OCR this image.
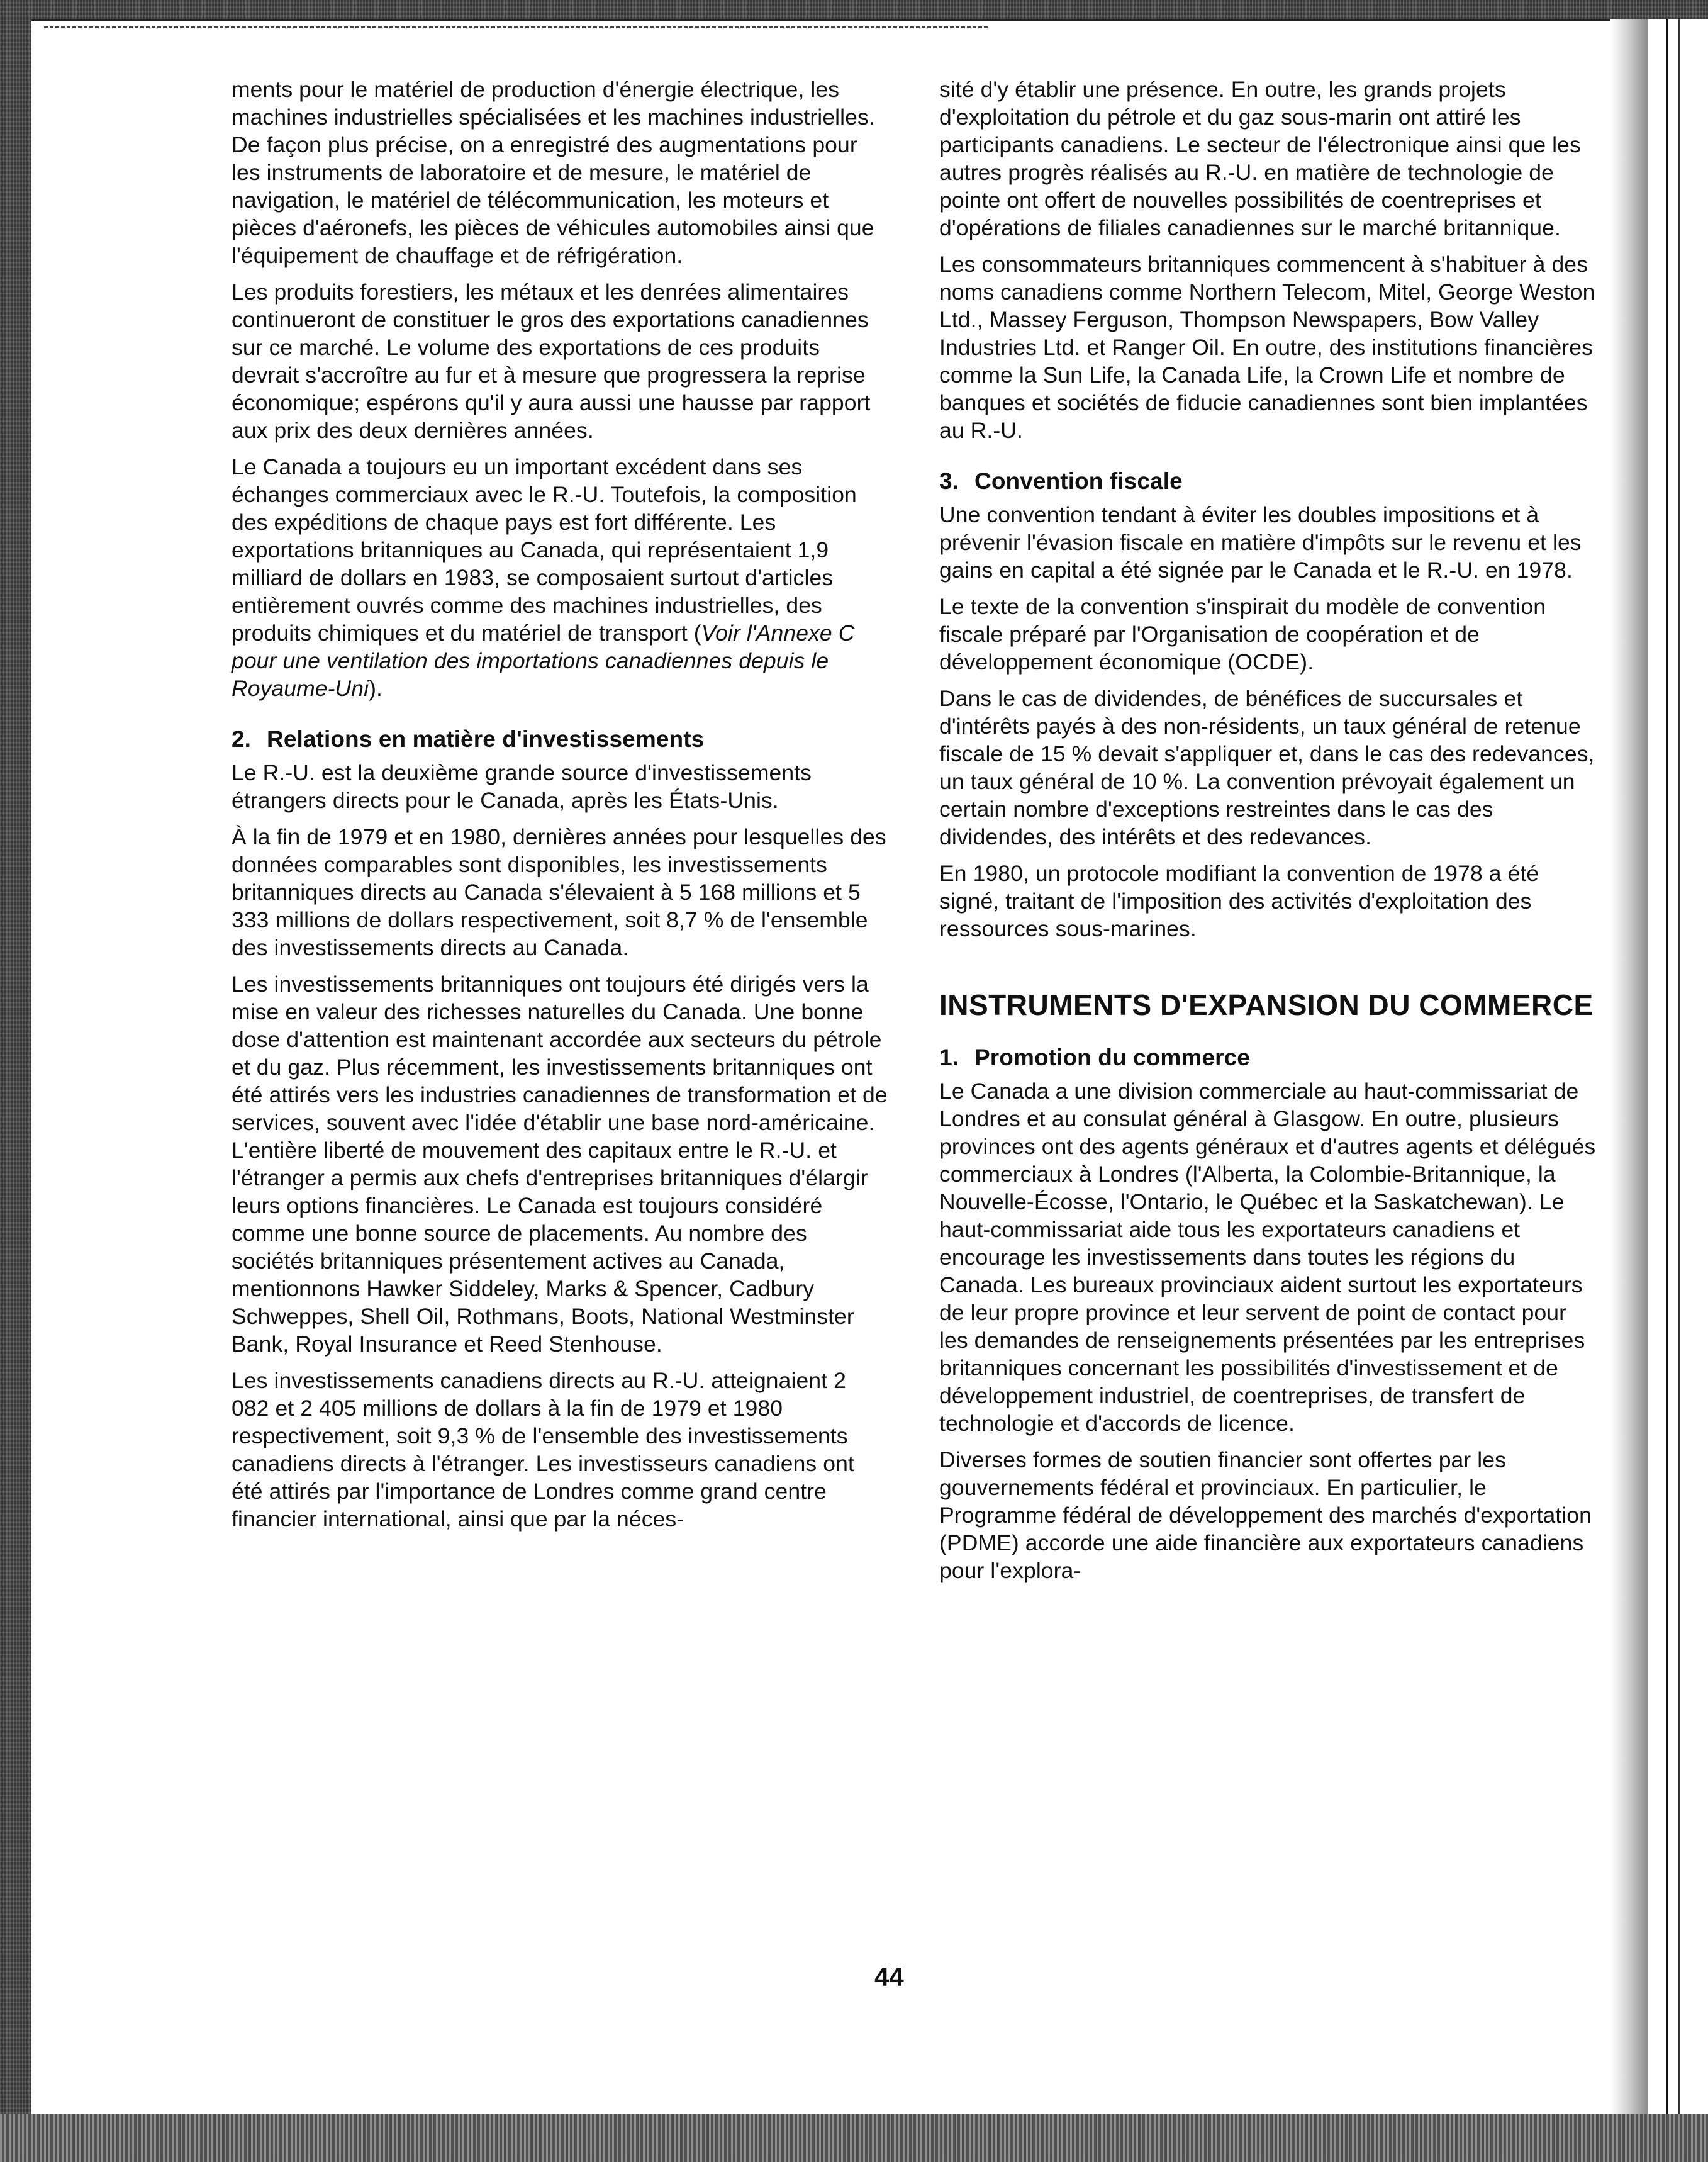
ments pour le matériel de production d'énergie électrique, les machines industrielles spécialisées et les machines industrielles. De façon plus précise, on a enregistré des augmentations pour les instruments de laboratoire et de mesure, le matériel de navigation, le matériel de télécommunication, les moteurs et pièces d'aéronefs, les pièces de véhicules automobiles ainsi que l'équipement de chauffage et de réfrigération.

Les produits forestiers, les métaux et les denrées alimentaires continueront de constituer le gros des exportations canadiennes sur ce marché. Le volume des exportations de ces produits devrait s'accroître au fur et à mesure que progressera la reprise économique; espérons qu'il y aura aussi une hausse par rapport aux prix des deux dernières années.

Le Canada a toujours eu un important excédent dans ses échanges commerciaux avec le R.-U. Toutefois, la composition des expéditions de chaque pays est fort différente. Les exportations britanniques au Canada, qui représentaient 1,9 milliard de dollars en 1983, se composaient surtout d'articles entièrement ouvrés comme des machines industrielles, des produits chimiques et du matériel de transport (Voir l'Annexe C pour une ventilation des importations canadiennes depuis le Royaume-Uni).

2. Relations en matière d'investissements

Le R.-U. est la deuxième grande source d'investissements étrangers directs pour le Canada, après les États-Unis.

À la fin de 1979 et en 1980, dernières années pour lesquelles des données comparables sont disponibles, les investissements britanniques directs au Canada s'élevaient à 5 168 millions et 5 333 millions de dollars respectivement, soit 8,7 % de l'ensemble des investissements directs au Canada.

Les investissements britanniques ont toujours été dirigés vers la mise en valeur des richesses naturelles du Canada. Une bonne dose d'attention est maintenant accordée aux secteurs du pétrole et du gaz. Plus récemment, les investissements britanniques ont été attirés vers les industries canadiennes de transformation et de services, souvent avec l'idée d'établir une base nord-américaine. L'entière liberté de mouvement des capitaux entre le R.-U. et l'étranger a permis aux chefs d'entreprises britanniques d'élargir leurs options financières. Le Canada est toujours considéré comme une bonne source de placements. Au nombre des sociétés britanniques présentement actives au Canada, mentionnons Hawker Siddeley, Marks & Spencer, Cadbury Schweppes, Shell Oil, Rothmans, Boots, National Westminster Bank, Royal Insurance et Reed Stenhouse.

Les investissements canadiens directs au R.-U. atteignaient 2 082 et 2 405 millions de dollars à la fin de 1979 et 1980 respectivement, soit 9,3 % de l'ensemble des investissements canadiens directs à l'étranger. Les investisseurs canadiens ont été attirés par l'importance de Londres comme grand centre financier international, ainsi que par la néces-

sité d'y établir une présence. En outre, les grands projets d'exploitation du pétrole et du gaz sous-marin ont attiré les participants canadiens. Le secteur de l'électronique ainsi que les autres progrès réalisés au R.-U. en matière de technologie de pointe ont offert de nouvelles possibilités de coentreprises et d'opérations de filiales canadiennes sur le marché britannique.

Les consommateurs britanniques commencent à s'habituer à des noms canadiens comme Northern Telecom, Mitel, George Weston Ltd., Massey Ferguson, Thompson Newspapers, Bow Valley Industries Ltd. et Ranger Oil. En outre, des institutions financières comme la Sun Life, la Canada Life, la Crown Life et nombre de banques et sociétés de fiducie canadiennes sont bien implantées au R.-U.

3. Convention fiscale

Une convention tendant à éviter les doubles impositions et à prévenir l'évasion fiscale en matière d'impôts sur le revenu et les gains en capital a été signée par le Canada et le R.-U. en 1978.

Le texte de la convention s'inspirait du modèle de convention fiscale préparé par l'Organisation de coopération et de développement économique (OCDE).

Dans le cas de dividendes, de bénéfices de succursales et d'intérêts payés à des non-résidents, un taux général de retenue fiscale de 15 % devait s'appliquer et, dans le cas des redevances, un taux général de 10 %. La convention prévoyait également un certain nombre d'exceptions restreintes dans le cas des dividendes, des intérêts et des redevances.

En 1980, un protocole modifiant la convention de 1978 a été signé, traitant de l'imposition des activités d'exploitation des ressources sous-marines.

INSTRUMENTS D'EXPANSION DU COMMERCE
1. Promotion du commerce

Le Canada a une division commerciale au haut-commissariat de Londres et au consulat général à Glasgow. En outre, plusieurs provinces ont des agents généraux et d'autres agents et délégués commerciaux à Londres (l'Alberta, la Colombie-Britannique, la Nouvelle-Écosse, l'Ontario, le Québec et la Saskatchewan). Le haut-commissariat aide tous les exportateurs canadiens et encourage les investissements dans toutes les régions du Canada. Les bureaux provinciaux aident surtout les exportateurs de leur propre province et leur servent de point de contact pour les demandes de renseignements présentées par les entreprises britanniques concernant les possibilités d'investissement et de développement industriel, de coentreprises, de transfert de technologie et d'accords de licence.

Diverses formes de soutien financier sont offertes par les gouvernements fédéral et provinciaux. En particulier, le Programme fédéral de développement des marchés d'exportation (PDME) accorde une aide financière aux exportateurs canadiens pour l'explora-

44
